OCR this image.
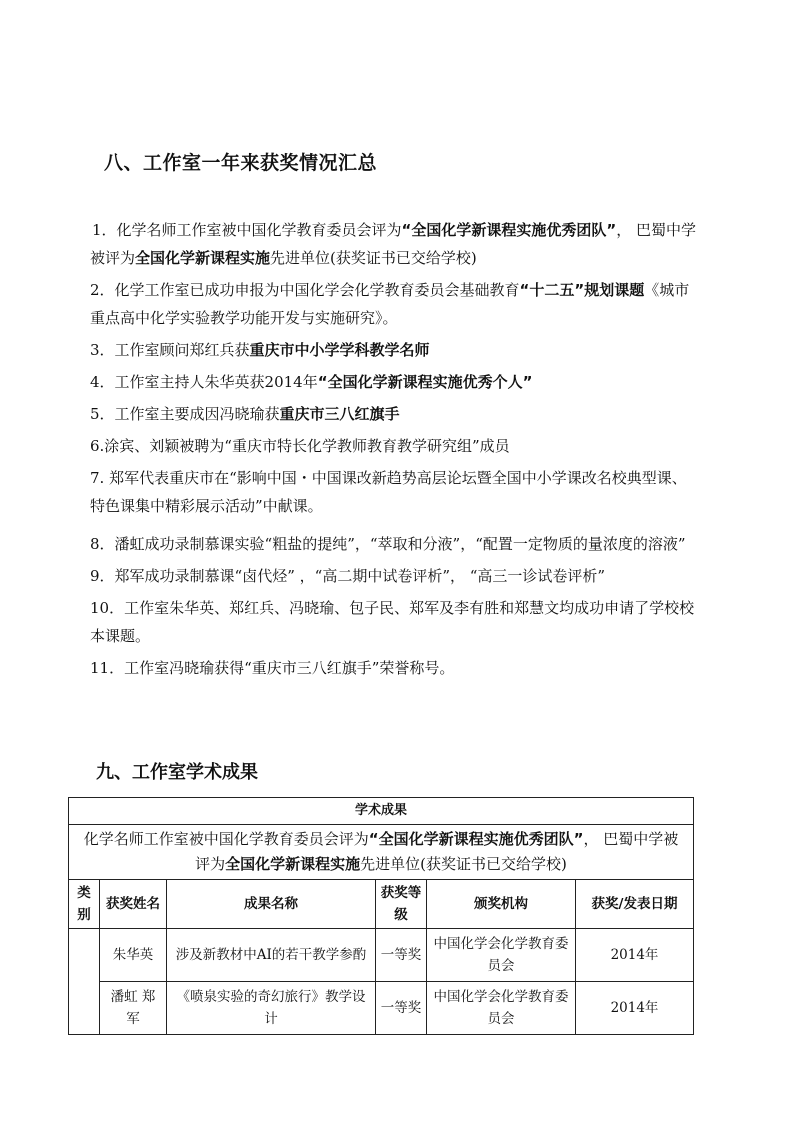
八、工作室一年来获奖情况汇总

1．化学名师工作室被中国化学教育委员会评为“全国化学新课程实施优秀团队”， 巴蜀中学被评为全国化学新课程实施先进单位(获奖证书已交给学校)

2．化学工作室已成功申报为中国化学会化学教育委员会基础教育“十二五”规划课题《城市重点高中化学实验教学功能开发与实施研究》。

3．工作室顾问郑红兵获重庆市中小学学科教学名师

4．工作室主持人朱华英获2014年“全国化学新课程实施优秀个人”

5．工作室主要成因冯晓瑜获重庆市三八红旗手

6.涂宾、刘颖被聘为“重庆市特长化学教师教育教学研究组”成员

7. 郑军代表重庆市在“影响中国・中国课改新趋势高层论坛暨全国中小学课改名校典型课、特色课集中精彩展示活动”中献课。

8．潘虹成功录制慕课实验“粗盐的提纯”，“萃取和分液”，“配置一定物质的量浓度的溶液”

9．郑军成功录制慕课“卤代烃” ，“高二期中试卷评析”， “高三一诊试卷评析”

10．工作室朱华英、郑红兵、冯晓瑜、包子民、郑军及李有胜和郑慧文均成功申请了学校校本课题。

11．工作室冯晓瑜获得“重庆市三八红旗手”荣誉称号。

九、工作室学术成果
学术成果					
化学名师工作室被中国化学教育委员会评为“全国化学新课程实施优秀团队”， 巴蜀中学被评为全国化学新课程实施先进单位(获奖证书已交给学校)					
类别	获奖姓名	成果名称	获奖等级	颁奖机构	获奖/发表日期
	朱华英	涉及新教材中AI的若干教学参酌	一等奖	中国化学会化学教育委员会	2014年
	潘虹 郑军	《喷泉实验的奇幻旅行》教学设计	一等奖	中国化学会化学教育委员会	2014年
